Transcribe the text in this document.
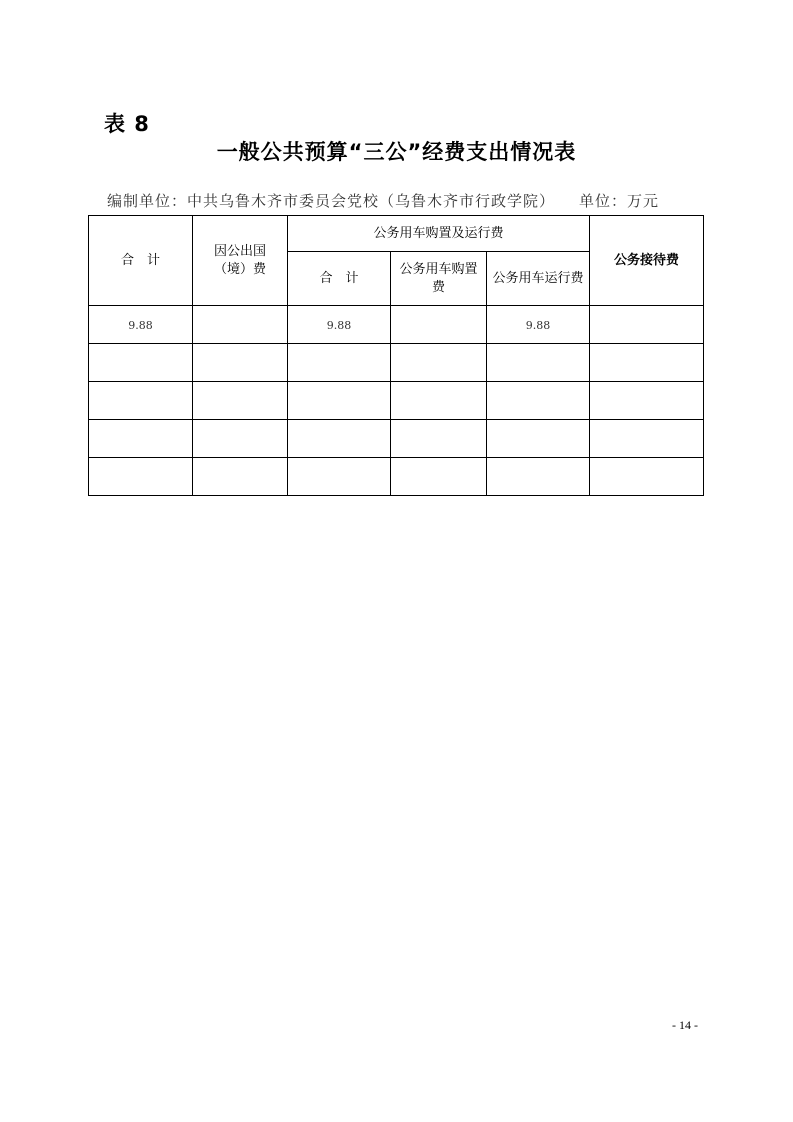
表 8
一般公共预算“三公”经费支出情况表
编制单位：中共乌鲁木齐市委员会党校（乌鲁木齐市行政学院） 单位：万元
合　计	因公出国（境）费	公务用车购置及运行费			公务接待费
		合　计	公务用车购置费	公务用车运行费	
9.88		9.88		9.88	

- 14 -
